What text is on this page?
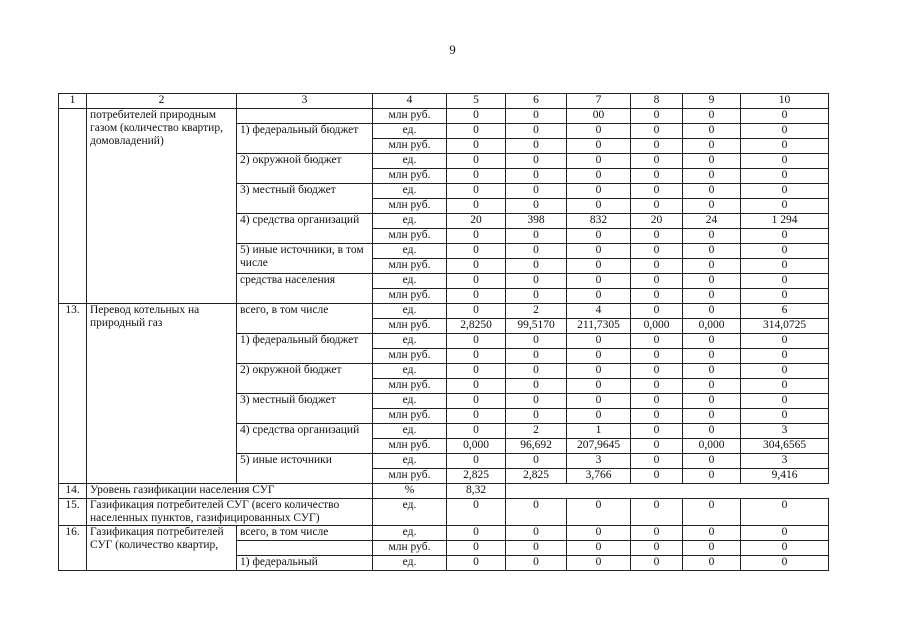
9
1	2	3	4	5	6	7	8	9	10
	потребителей природным газом (количество квартир, домовладений)		млн руб.	0	0	00	0	0	0
		1) федеральный бюджет	ед.	0	0	0	0	0	0
			млн руб.	0	0	0	0	0	0
		2) окружной бюджет	ед.	0	0	0	0	0	0
			млн руб.	0	0	0	0	0	0
		3) местный бюджет	ед.	0	0	0	0	0	0
			млн руб.	0	0	0	0	0	0
		4) средства организаций	ед.	20	398	832	20	24	1 294
			млн руб.	0	0	0	0	0	0
		5) иные источники, в том числе	ед.	0	0	0	0	0	0
			млн руб.	0	0	0	0	0	0
		средства населения	ед.	0	0	0	0	0	0
			млн руб.	0	0	0	0	0	0
13.	Перевод котельных на природный газ	всего, в том числе	ед.	0	2	4	0	0	6
			млн руб.	2,8250	99,5170	211,7305	0,000	0,000	314,0725
		1) федеральный бюджет	ед.	0	0	0	0	0	0
			млн руб.	0	0	0	0	0	0
		2) окружной бюджет	ед.	0	0	0	0	0	0
			млн руб.	0	0	0	0	0	0
		3) местный бюджет	ед.	0	0	0	0	0	0
			млн руб.	0	0	0	0	0	0
		4) средства организаций	ед.	0	2	1	0	0	3
			млн руб.	0,000	96,692	207,9645	0	0,000	304,6565
		5) иные источники	ед.	0	0	3	0	0	3
			млн руб.	2,825	2,825	3,766	0	0	9,416
14.	Уровень газификации населения СУГ		%	8,32					
15.	Газификация потребителей СУГ (всего количество населенных пунктов, газифицированных СУГ)		ед.	0	0	0	0	0	0
16.	Газификация потребителей СУГ (количество квартир,	всего, в том числе	ед.	0	0	0	0	0	0
			млн руб.	0	0	0	0	0	0
		1) федеральный	ед.	0	0	0	0	0	0
